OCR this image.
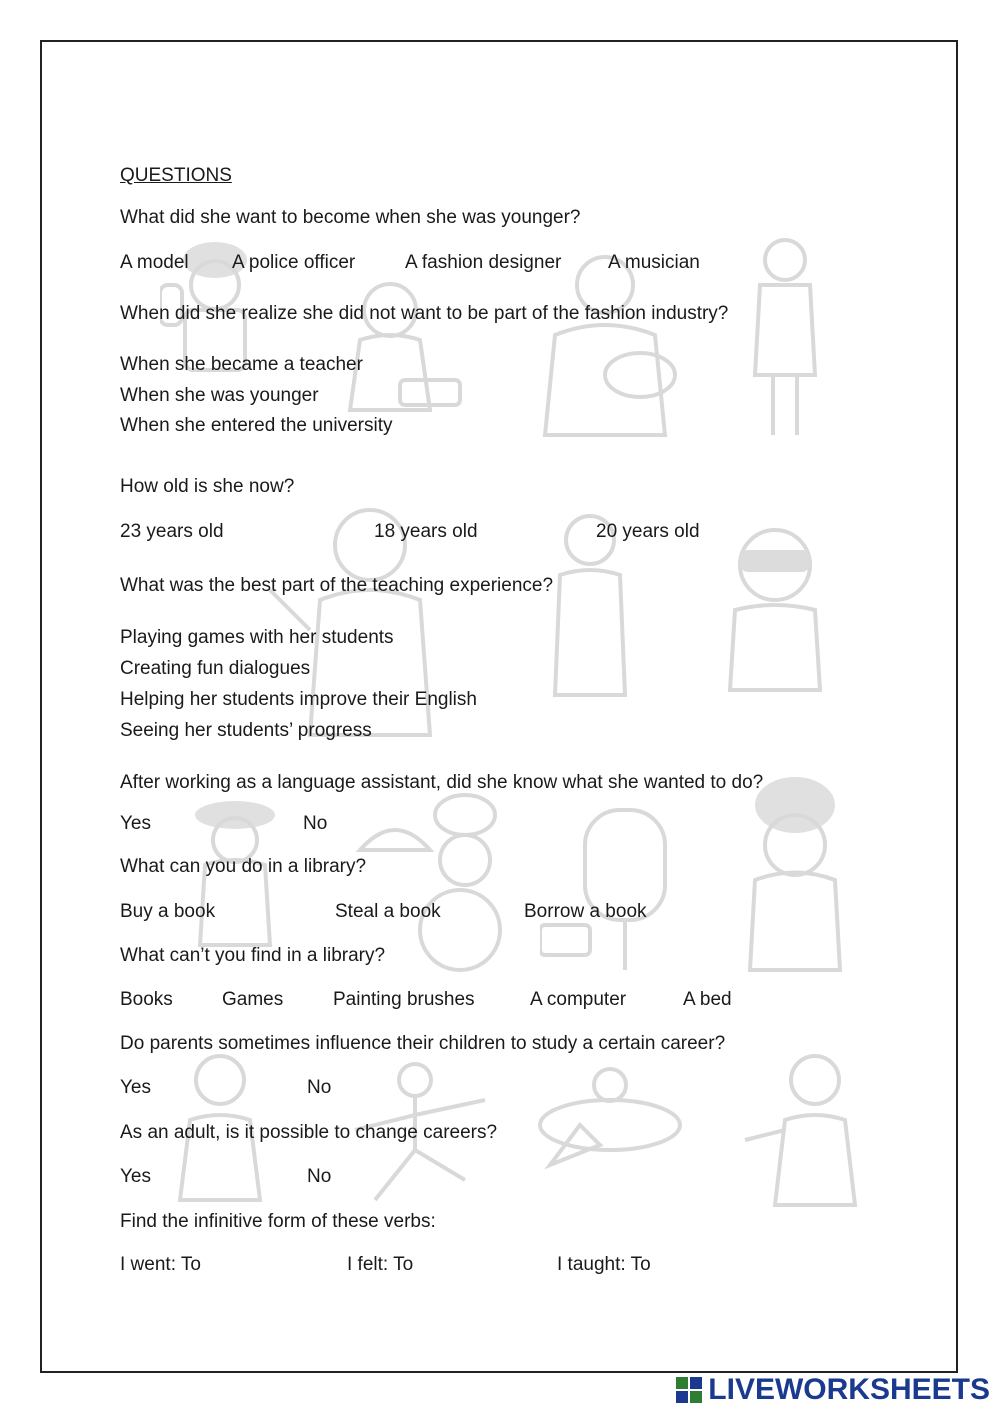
QUESTIONS
What did she want to become when she was younger?
A model A police officer	A fashion designer A musician
When did she realize she did not want to be part of the fashion industry?
When she became a teacher
When she was younger
When she entered the university
How old is she now?
23 years old	18 years old	20 years old
What was the best part of the teaching experience?
Playing games with her students
Creating fun dialogues
Helping her students improve their English
Seeing her students’ progress
After working as a language assistant, did she know what she wanted to do?
Yes	No
What can you do in a library?
Buy a book	Steal a book	Borrow a book
What can’t you find in a library?
Books	Games	Painting brushes	A computer	A bed
Do parents sometimes influence their children to study a certain career?
Yes	No
As an adult, is it possible to change careers?
Yes	No
Find the infinitive form of these verbs:
I went: To	I felt: To	I taught: To
LIVEWORKSHEETS
